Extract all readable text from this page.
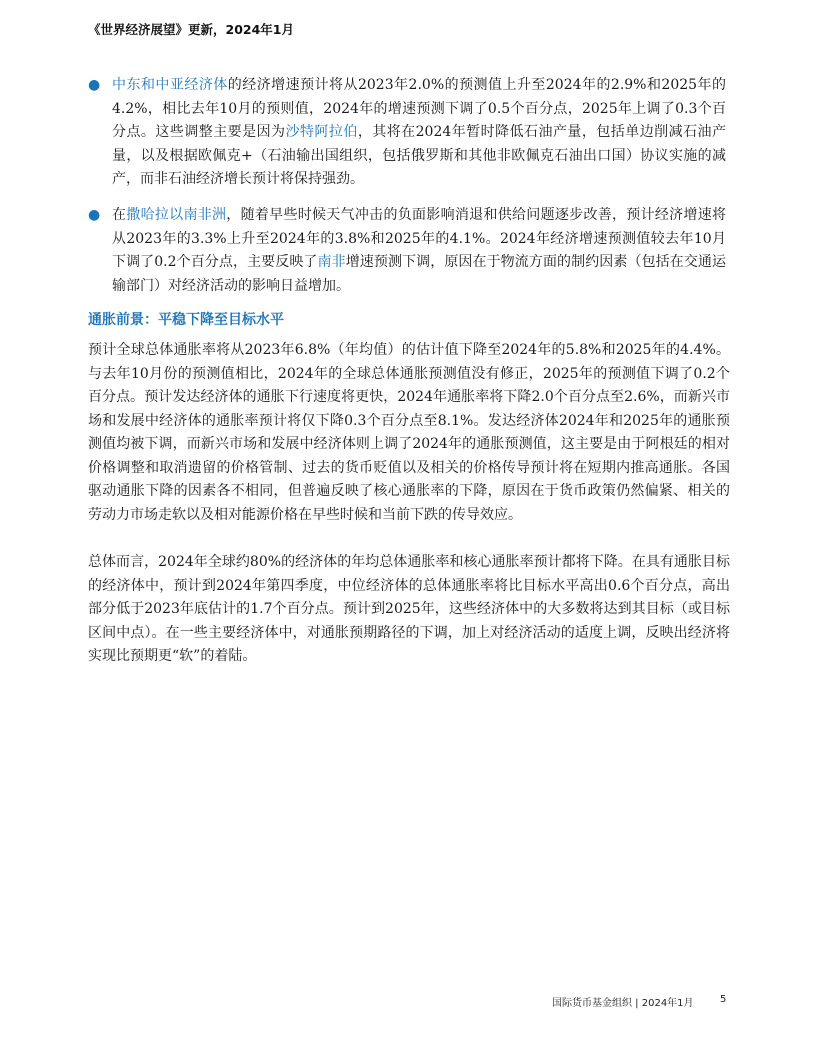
《世界经济展望》更新，2024年1月
● 中东和中亚经济体的经济增速预计将从2023年2.0%的预测值上升至2024年的2.9%和2025年的4.2%，相比去年10月的预则值，2024年的增速预测下调了0.5个百分点，2025年上调了0.3个百分点。这些调整主要是因为沙特阿拉伯，其将在2024年暂时降低石油产量，包括单边削减石油产量，以及根据欧佩克+（石油输出国组织，包括俄罗斯和其他非欧佩克石油出口国）协议实施的减产，而非石油经济增长预计将保持强劲。
● 在撒哈拉以南非洲，随着早些时候天气冲击的负面影响消退和供给问题逐步改善，预计经济增速将从2023年的3.3%上升至2024年的3.8%和2025年的4.1%。2024年经济增速预测值较去年10月下调了0.2个百分点，主要反映了南非增速预测下调，原因在于物流方面的制约因素（包括在交通运输部门）对经济活动的影响日益增加。
通胀前景：平稳下降至目标水平

预计全球总体通胀率将从2023年6.8%（年均值）的估计值下降至2024年的5.8%和2025年的4.4%。与去年10月份的预测值相比，2024年的全球总体通胀预测值没有修正，2025年的预测值下调了0.2个百分点。预计发达经济体的通胀下行速度将更快，2024年通胀率将下降2.0个百分点至2.6%，而新兴市场和发展中经济体的通胀率预计将仅下降0.3个百分点至8.1%。发达经济体2024年和2025年的通胀预测值均被下调，而新兴市场和发展中经济体则上调了2024年的通胀预测值，这主要是由于阿根廷的相对价格调整和取消遗留的价格管制、过去的货币贬值以及相关的价格传导预计将在短期内推高通胀。各国驱动通胀下降的因素各不相同，但普遍反映了核心通胀率的下降，原因在于货币政策仍然偏紧、相关的劳动力市场走软以及相对能源价格在早些时候和当前下跌的传导效应。

总体而言，2024年全球约80%的经济体的年均总体通胀率和核心通胀率预计都将下降。在具有通胀目标的经济体中，预计到2024年第四季度，中位经济体的总体通胀率将比目标水平高出0.6个百分点，高出部分低于2023年底估计的1.7个百分点。预计到2025年，这些经济体中的大多数将达到其目标（或目标区间中点）。在一些主要经济体中，对通胀预期路径的下调，加上对经济活动的适度上调，反映出经济将实现比预期更“软”的着陆。

国际货币基金组织 | 2024年1月	5
